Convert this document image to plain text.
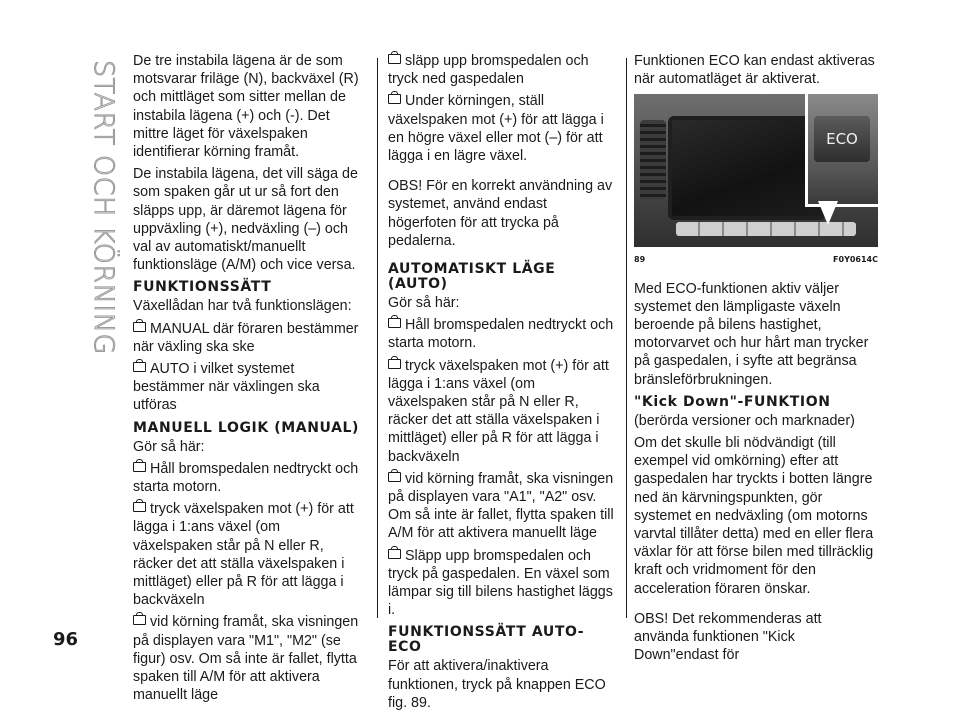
START OCH KÖRNING De tre instabila lägena är de som motsvarar friläge (N), backväxel (R) och mittläget som sitter mellan de instabila lägena (+) och (-). Det mittre läget för växelspaken identifierar körning framåt.

De instabila lägena, det vill säga de som spaken går ut ur så fort den släpps upp, är däremot lägena för uppväxling (+), nedväxling (–) och val av automatiskt/manuellt funktionsläge (A/M) och vice versa.

FUNKTIONSSÄTT

Växellådan har två funktionslägen:

MANUAL där föraren bestämmer när växling ska ske

AUTO i vilket systemet bestämmer när växlingen ska utföras

MANUELL LOGIK (MANUAL)

Gör så här:

Håll bromspedalen nedtryckt och starta motorn.

tryck växelspaken mot (+) för att lägga i 1:ans växel (om växelspaken står på N eller R, räcker det att ställa växelspaken i mittläget) eller på R för att lägga i backväxeln

vid körning framåt, ska visningen på displayen vara "M1", "M2" (se figur) osv. Om så inte är fallet, flytta spaken till A/M för att aktivera manuellt läge

släpp upp bromspedalen och tryck ned gaspedalen

Under körningen, ställ växelspaken mot (+) för att lägga i en högre växel eller mot (–) för att lägga i en lägre växel.

OBS! För en korrekt användning av systemet, använd endast högerfoten för att trycka på pedalerna.

AUTOMATISKT LÄGE (AUTO)

Gör så här:

Håll bromspedalen nedtryckt och starta motorn.

tryck växelspaken mot (+) för att lägga i 1:ans växel (om växelspaken står på N eller R, räcker det att ställa växelspaken i mittläget) eller på R för att lägga i backväxeln

vid körning framåt, ska visningen på displayen vara "A1", "A2" osv. Om så inte är fallet, flytta spaken till A/M för att aktivera manuellt läge

Släpp upp bromspedalen och tryck på gaspedalen. En växel som lämpar sig till bilens hastighet läggs i.

FUNKTIONSSÄTT AUTO-ECO

För att aktivera/inaktivera funktionen, tryck på knappen ECO fig. 89.

Funktionen ECO kan endast aktiveras när automatläget är aktiverat.

ECO
89	F0Y0614C

Med ECO-funktionen aktiv väljer systemet den lämpligaste växeln beroende på bilens hastighet, motorvarvet och hur hårt man trycker på gaspedalen, i syfte att begränsa bränsleförbrukningen.

"Kick Down"-FUNKTION

(berörda versioner och marknader)

Om det skulle bli nödvändigt (till exempel vid omkörning) efter att gaspedalen har tryckts i botten längre ned än kärvningspunkten, gör systemet en nedväxling (om motorns varvtal tillåter detta) med en eller flera växlar för att förse bilen med tillräcklig kraft och vridmoment för den acceleration föraren önskar.

OBS! Det rekommenderas att använda funktionen "Kick Down"endast för

96
